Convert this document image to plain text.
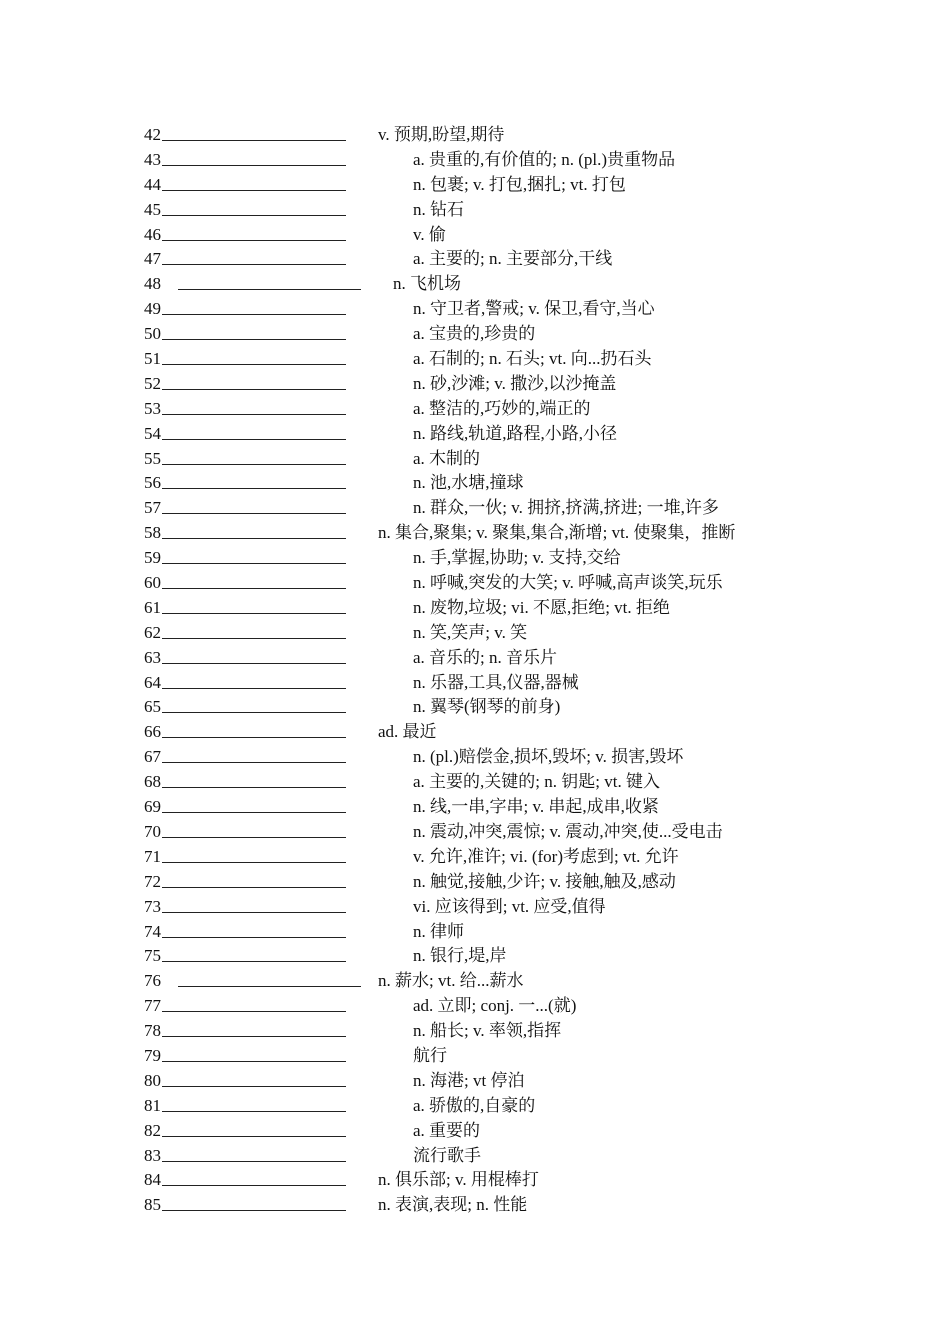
42	v. 预期,盼望,期待
43	a. 贵重的,有价值的; n. (pl.)贵重物品
44	n. 包裹; v. 打包,捆扎; vt. 打包
45	n. 钻石
46	v. 偷
47	a. 主要的; n. 主要部分,干线
48	n. 飞机场
49	n. 守卫者,警戒; v. 保卫,看守,当心
50	a. 宝贵的,珍贵的
51	a. 石制的; n. 石头; vt. 向...扔石头
52	n. 砂,沙滩; v. 撒沙,以沙掩盖
53	a. 整洁的,巧妙的,端正的
54	n. 路线,轨道,路程,小路,小径
55	a. 木制的
56	n. 池,水塘,撞球
57	n. 群众,一伙; v. 拥挤,挤满,挤进; 一堆,许多
58	n. 集合,聚集; v. 聚集,集合,渐增; vt. 使聚集，推断
59	n. 手,掌握,协助; v. 支持,交给
60	n. 呼喊,突发的大笑; v. 呼喊,高声谈笑,玩乐
61	n. 废物,垃圾; vi. 不愿,拒绝; vt. 拒绝
62	n. 笑,笑声; v. 笑
63	a. 音乐的; n. 音乐片
64	n. 乐器,工具,仪器,器械
65	n. 翼琴(钢琴的前身)
66	ad. 最近
67	n. (pl.)赔偿金,损坏,毁坏; v. 损害,毁坏
68	a. 主要的,关键的; n. 钥匙; vt. 键入
69	n. 线,一串,字串; v. 串起,成串,收紧
70	n. 震动,冲突,震惊; v. 震动,冲突,使...受电击
71	v. 允许,准许; vi. (for)考虑到; vt. 允许
72	n. 触觉,接触,少许; v. 接触,触及,感动
73	vi. 应该得到; vt. 应受,值得
74	n. 律师
75	n. 银行,堤,岸
76	n. 薪水; vt. 给...薪水
77	ad. 立即; conj. 一...(就)
78	n. 船长; v. 率领,指挥
79	航行
80	n. 海港; vt 停泊
81	a. 骄傲的,自豪的
82	a. 重要的
83	流行歌手
84	n. 俱乐部; v. 用棍棒打
85	n. 表演,表现; n. 性能
